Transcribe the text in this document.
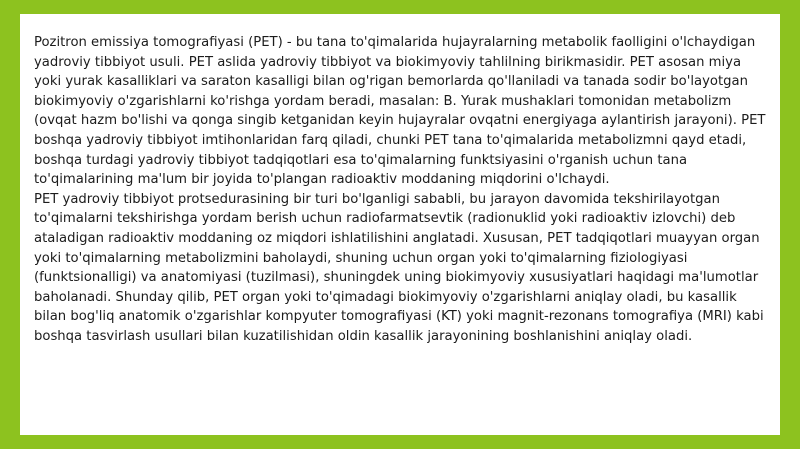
Pozitron emissiya tomografiyasi (PET) - bu tana to'qimalarida hujayralarning metabolik faolligini o'lchaydigan yadroviy tibbiyot usuli. PET aslida yadroviy tibbiyot va biokimyoviy tahlilning birikmasidir. PET asosan miya yoki yurak kasalliklari va saraton kasalligi bilan og'rigan bemorlarda qo'llaniladi va tanada sodir bo'layotgan biokimyoviy o'zgarishlarni ko'rishga yordam beradi, masalan: B. Yurak mushaklari tomonidan metabolizm (ovqat hazm bo'lishi va qonga singib ketganidan keyin hujayralar ovqatni energiyaga aylantirish jarayoni). PET boshqa yadroviy tibbiyot imtihonlaridan farq qiladi, chunki PET tana to'qimalarida metabolizmni qayd etadi, boshqa turdagi yadroviy tibbiyot tadqiqotlari esa to'qimalarning funktsiyasini o'rganish uchun tana to'qimalarining ma'lum bir joyida to'plangan radioaktiv moddaning miqdorini o'lchaydi.

PET yadroviy tibbiyot protsedurasining bir turi bo'lganligi sababli, bu jarayon davomida tekshirilayotgan to'qimalarni tekshirishga yordam berish uchun radiofarmatsevtik (radionuklid yoki radioaktiv izlovchi) deb ataladigan radioaktiv moddaning oz miqdori ishlatilishini anglatadi. Xususan, PET tadqiqotlari muayyan organ yoki to'qimalarning metabolizmini baholaydi, shuning uchun organ yoki to'qimalarning fiziologiyasi (funktsionalligi) va anatomiyasi (tuzilmasi), shuningdek uning biokimyoviy xususiyatlari haqidagi ma'lumotlar baholanadi. Shunday qilib, PET organ yoki to'qimadagi biokimyoviy o'zgarishlarni aniqlay oladi, bu kasallik bilan bog'liq anatomik o'zgarishlar kompyuter tomografiyasi (KT) yoki magnit-rezonans tomografiya (MRI) kabi boshqa tasvirlash usullari bilan kuzatilishidan oldin kasallik jarayonining boshlanishini aniqlay oladi.
